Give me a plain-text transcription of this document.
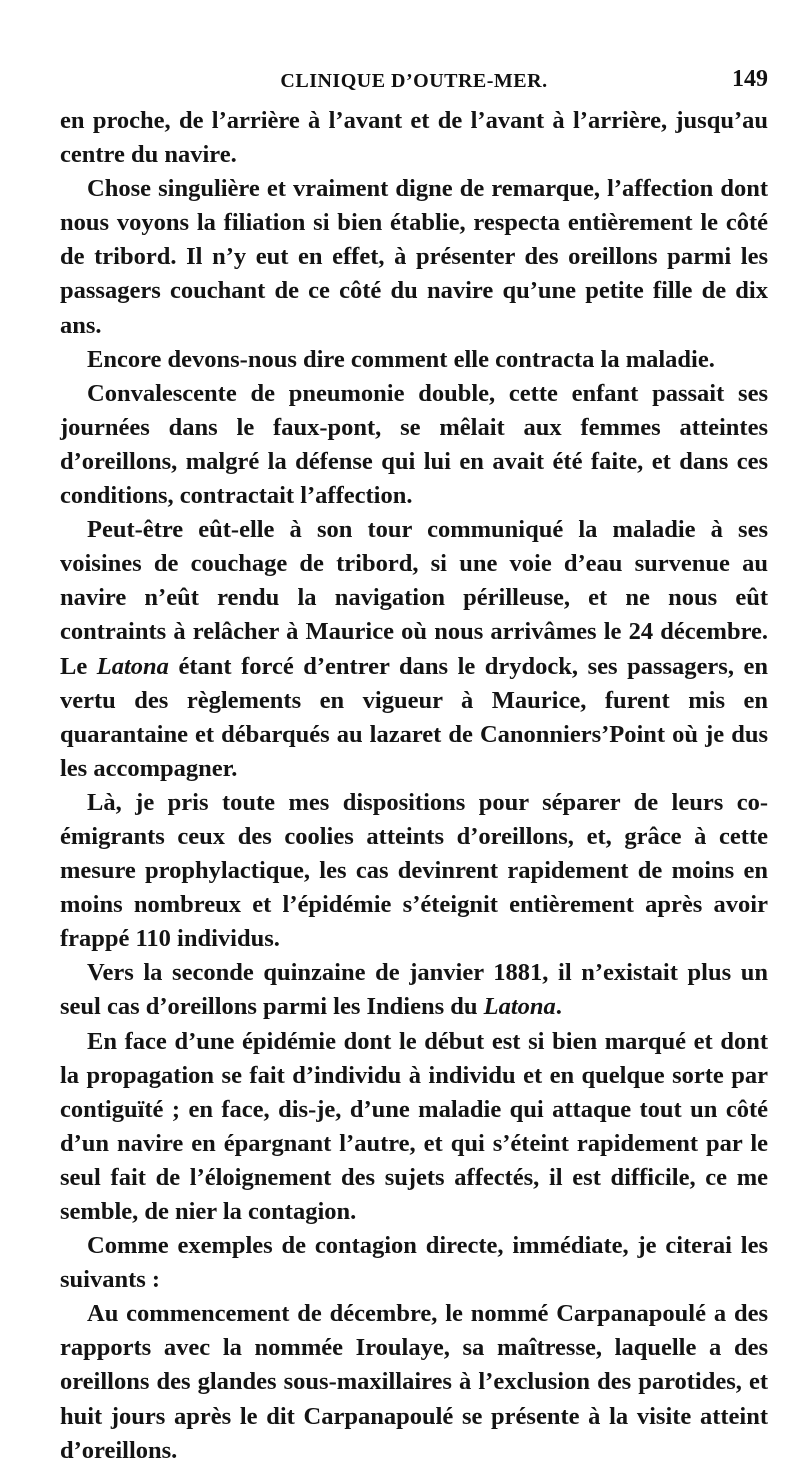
CLINIQUE D’OUTRE-MER.	149

en proche, de l’arrière à l’avant et de l’avant à l’arrière, jusqu’au centre du navire.

Chose singulière et vraiment digne de remarque, l’affection dont nous voyons la filiation si bien établie, respecta entièrement le côté de tribord. Il n’y eut en effet, à présenter des oreillons parmi les passagers couchant de ce côté du navire qu’une petite fille de dix ans.

Encore devons-nous dire comment elle contracta la maladie.

Convalescente de pneumonie double, cette enfant passait ses journées dans le faux-pont, se mêlait aux femmes atteintes d’oreillons, malgré la défense qui lui en avait été faite, et dans ces conditions, contractait l’affection.

Peut-être eût-elle à son tour communiqué la maladie à ses voisines de couchage de tribord, si une voie d’eau survenue au navire n’eût rendu la navigation périlleuse, et ne nous eût contraints à relâcher à Maurice où nous arrivâmes le 24 décembre. Le Latona étant forcé d’entrer dans le drydock, ses passagers, en vertu des règlements en vigueur à Maurice, furent mis en quarantaine et débarqués au lazaret de Canonniers’Point où je dus les accompagner.

Là, je pris toute mes dispositions pour séparer de leurs co-émigrants ceux des coolies atteints d’oreillons, et, grâce à cette mesure prophylactique, les cas devinrent rapidement de moins en moins nombreux et l’épidémie s’éteignit entièrement après avoir frappé 110 individus.

Vers la seconde quinzaine de janvier 1881, il n’existait plus un seul cas d’oreillons parmi les Indiens du Latona.

En face d’une épidémie dont le début est si bien marqué et dont la propagation se fait d’individu à individu et en quelque sorte par contiguïté ; en face, dis-je, d’une maladie qui attaque tout un côté d’un navire en épargnant l’autre, et qui s’éteint rapidement par le seul fait de l’éloignement des sujets affectés, il est difficile, ce me semble, de nier la contagion.

Comme exemples de contagion directe, immédiate, je citerai les suivants :

Au commencement de décembre, le nommé Carpanapoulé a des rapports avec la nommée Iroulaye, sa maîtresse, laquelle a des oreillons des glandes sous-maxillaires à l’exclusion des parotides, et huit jours après le dit Carpanapoulé se présente à la visite atteint d’oreillons.
